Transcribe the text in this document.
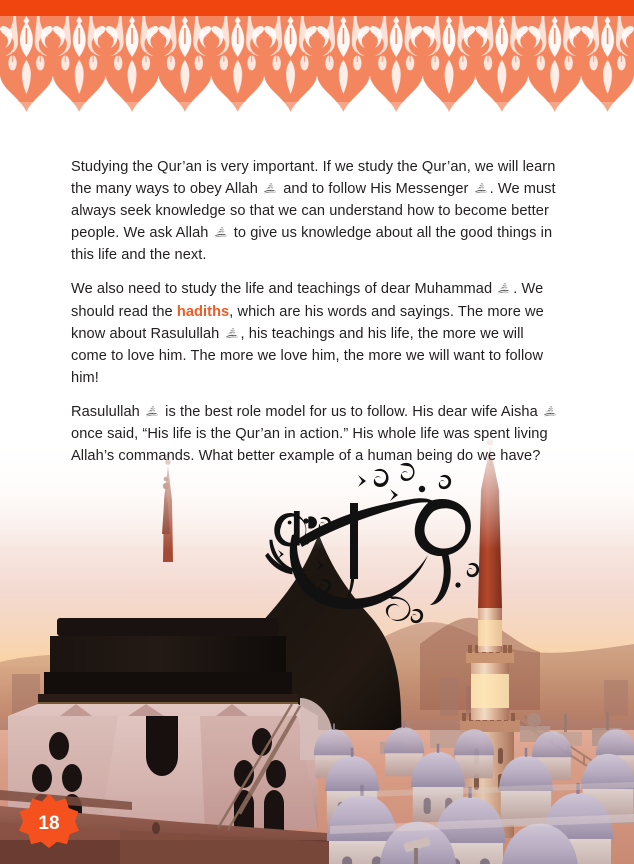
Studying the Qur’an is very important. If we study the Qur’an, we will learn the many ways to obey Allah
and to follow His Messenger
. We must always seek knowledge so that we can understand how to become better people. We ask Allah
to give us knowledge about all the good things in this life and the next.

We also need to study the life and teachings of dear Muhammad
. We should read the hadiths, which are his words and sayings. The more we know about Rasulullah
, his teachings and his life, the more we will come to love him. The more we love him, the more we will want to follow him!

Rasulullah
is the best role model for us to follow. His dear wife Aisha
once said, “His life is the Qur’an in action.” His whole life was spent living Allah’s commands. What better example of a human being do we have?

18
